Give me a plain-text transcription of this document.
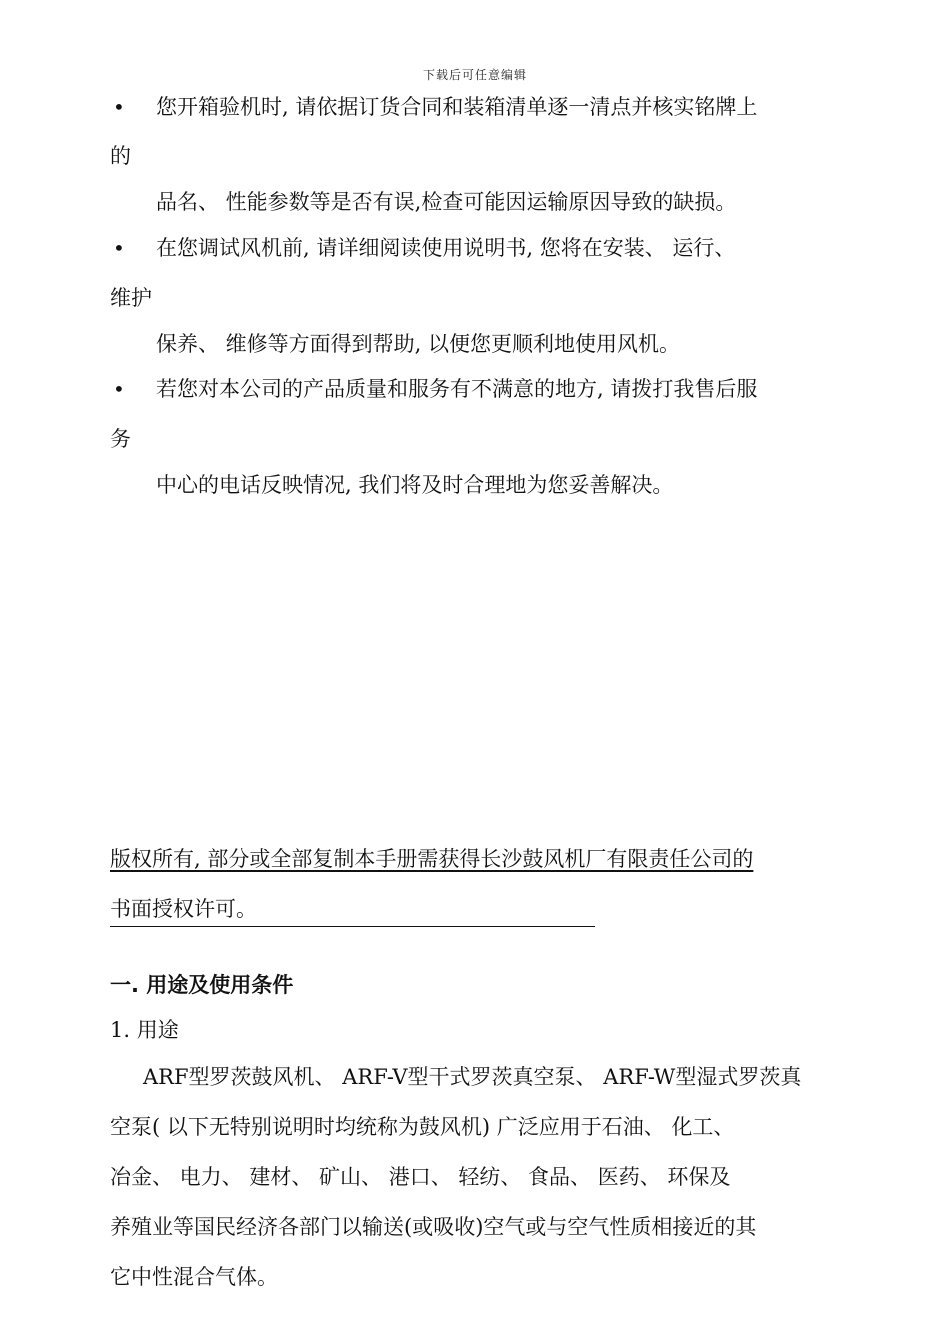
下载后可任意编辑
• 您开箱验机时, 请依据订货合同和装箱清单逐一清点并核实铭牌上
的
品名、 性能参数等是否有误,检查可能因运输原因导致的缺损。
• 在您调试风机前, 请详细阅读使用说明书, 您将在安装、 运行、
维护
保养、 维修等方面得到帮助, 以便您更顺利地使用风机。
• 若您对本公司的产品质量和服务有不满意的地方, 请拨打我售后服
务
中心的电话反映情况, 我们将及时合理地为您妥善解决。
版权所有, 部分或全部复制本手册需获得长沙鼓风机厂有限责任公司的
书面授权许可。
一. 用途及使用条件
1. 用途
ARF型罗茨鼓风机、 ARF-V型干式罗茨真空泵、 ARF-W型湿式罗茨真
空泵( 以下无特别说明时均统称为鼓风机) 广泛应用于石油、 化工、
冶金、 电力、 建材、 矿山、 港口、 轻纺、 食品、 医药、 环保及
养殖业等国民经济各部门以输送(或吸收)空气或与空气性质相接近的其
它中性混合气体。
